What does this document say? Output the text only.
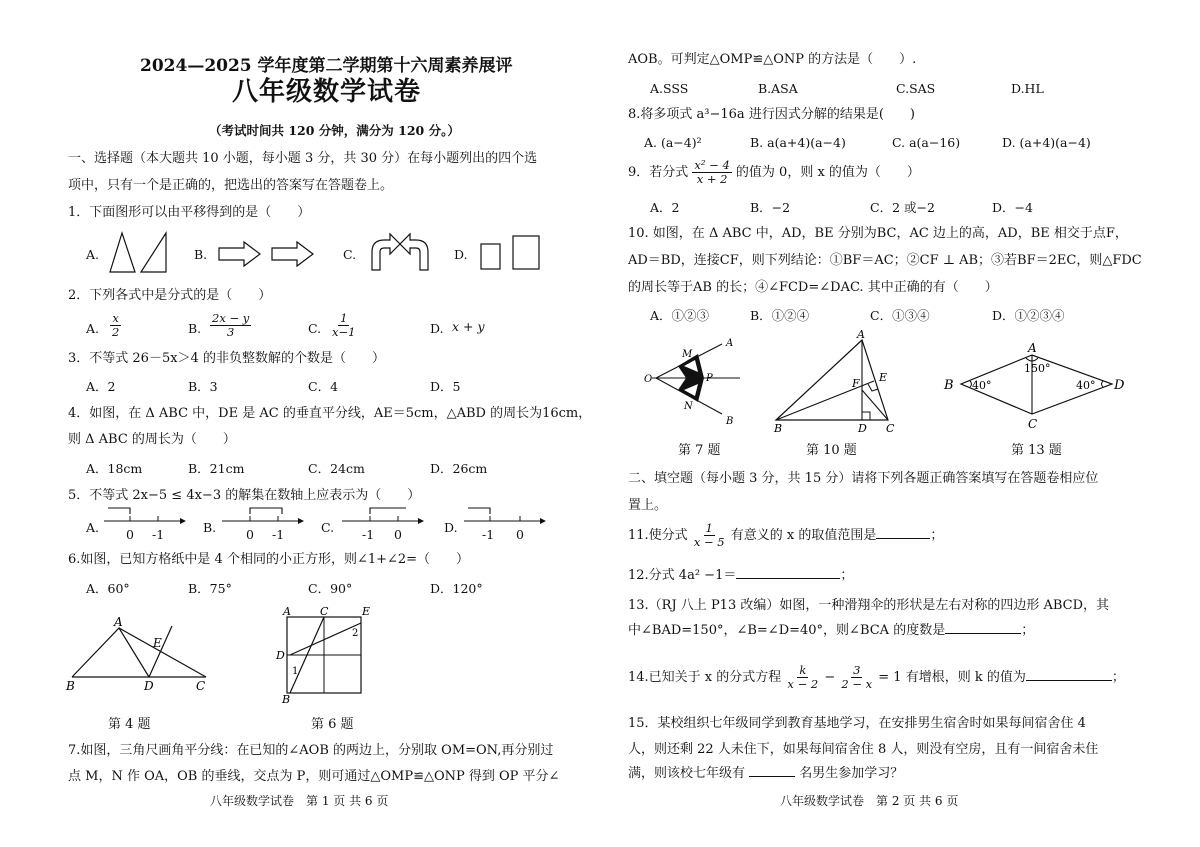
2024—2025 学年度第二学期第十六周素养展评
八年级数学试卷
（考试时间共 120 分钟，满分为 120 分。）
一、选择题（本大题共 10 小题，每小题 3 分，共 30 分）在每小题列出的四个选
项中，只有一个是正确的，把选出的答案写在答题卷上。
1．下面图形可以由平移得到的是（　　）
A.	B.	C.	D.
2．下列各式中是分式的是（　　）
A. $\frac{x}{2}$	B. $\frac{2x - y}{3}$	C. $\frac{1}{x-1}$	D. x + y
3．不等式 26－5x＞4 的非负整数解的个数是（　　）
A．2	B．3	C．4	D．5
4．如图，在 Δ ABC 中，DE 是 AC 的垂直平分线，AE＝5cm，△ABD 的周长为16cm，
则 Δ ABC 的周长为（　　）
A．18cm	B．21cm	C．24cm	D．26cm
5．不等式 2x−5 ≤ 4x−3 的解集在数轴上应表示为（　　）
A.	B.	C.	D.
0 -1	0 -1	-1 0	-1 0
6.如图，已知方格纸中是 4 个相同的小正方形，则∠1+∠2=（　　）
A．60°	B．75°	C．90°	D．120°
A
B	C
D
E
第 4 题
A
B
C
D
E
1
2
第 6 题
7.如图，三角尺画角平分线：在已知的∠AOB 的两边上，分别取 OM=ON,再分别过
点 M，N 作 OA，OB 的垂线，交点为 P，则可通过△OMP≌△ONP 得到 OP 平分∠
八年级数学试卷　第 1 页 共 6 页
AOB。可判定△OMP≌△ONP 的方法是（　　）.
A.SSS	B.ASA	C.SAS	D.HL
8.将多项式 a³−16a 进行因式分解的结果是(　　)
A. (a−4)²	B. a(a+4)(a−4)	C. a(a−16)	D. (a+4)(a−4)
9．若分式 $\frac{\text{x² − 4}}{x + 2}$ 的值为 0，则 x 的值为（　　）
A．2	B．−2	C．2 或−2	D．−4
10. 如图，在 Δ ABC 中，AD，BE 分别为BC，AC 边上的高，AD，BE 相交于点F，
AD＝BD，连接CF，则下列结论：①BF＝AC；②CF ⊥ AB；③若BF＝2EC，则△FDC
的周长等于AB 的长；④∠FCD=∠DAC. 其中正确的有（　　）
A．①②③	B．①②④	C．①③④	D．①②③④
A
B
M
N
P
O
第 7 题
A
B	C
D
E
F
第 10 题
A
B
C
D
150°
40°	40°
第 13 题
二、填空题（每小题 3 分，共 15 分）请将下列各题正确答案填写在答题卷相应位
置上。
11.使分式 $\frac{1}{x - 5}$ 有意义的 x 的取值范围是	；
12.分式 4a² −1＝	；
13.（RJ 八上 P13 改编）如图，一种滑翔伞的形状是左右对称的四边形 ABCD，其
中∠BAD=150°，∠B=∠D=40°，则∠BCA 的度数是	；
14.已知关于 x 的分式方程 $\frac{k}{x - 2} - \frac{3}{2 - x} = 1$ 有增根，则 k 的值为	；
15．某校组织七年级同学到教育基地学习，在安排男生宿舍时如果每间宿舍住 4
人，则还剩 22 人未住下，如果每间宿舍住 8 人，则没有空房，且有一间宿舍未住
满，则该校七年级有	名男生参加学习？
八年级数学试卷　第 2 页 共 6 页
